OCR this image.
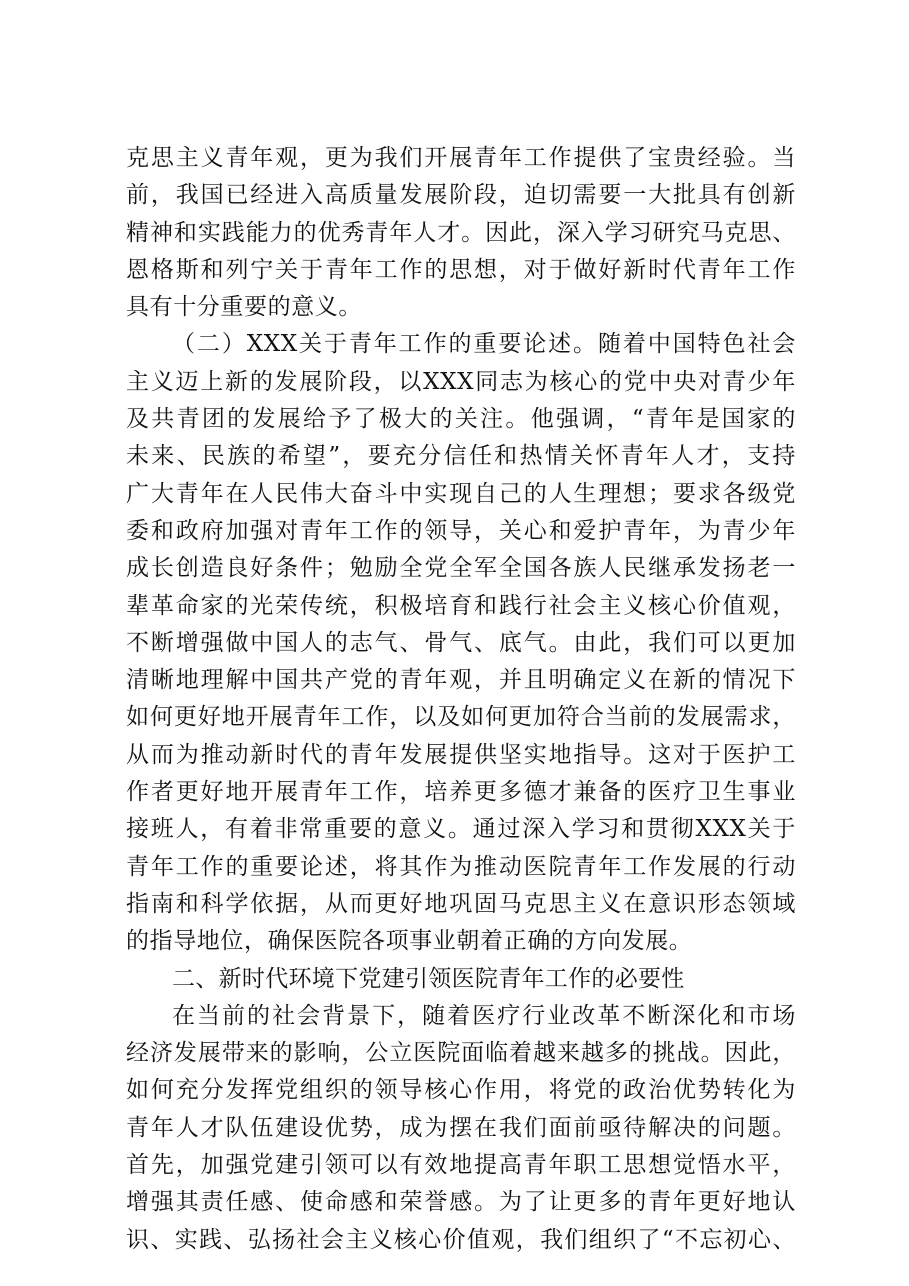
克思主义青年观，更为我们开展青年工作提供了宝贵经验。当
前，我国已经进入高质量发展阶段，迫切需要一大批具有创新
精神和实践能力的优秀青年人才。因此，深入学习研究马克思、
恩格斯和列宁关于青年工作的思想，对于做好新时代青年工作
具有十分重要的意义。
（二）XXX关于青年工作的重要论述。随着中国特色社会
主义迈上新的发展阶段，以XXX同志为核心的党中央对青少年
及共青团的发展给予了极大的关注。他强调，“青年是国家的
未来、民族的希望”，要充分信任和热情关怀青年人才，支持
广大青年在人民伟大奋斗中实现自己的人生理想；要求各级党
委和政府加强对青年工作的领导，关心和爱护青年，为青少年
成长创造良好条件；勉励全党全军全国各族人民继承发扬老一
辈革命家的光荣传统，积极培育和践行社会主义核心价值观，
不断增强做中国人的志气、骨气、底气。由此，我们可以更加
清晰地理解中国共产党的青年观，并且明确定义在新的情况下
如何更好地开展青年工作，以及如何更加符合当前的发展需求，
从而为推动新时代的青年发展提供坚实地指导。这对于医护工
作者更好地开展青年工作，培养更多德才兼备的医疗卫生事业
接班人，有着非常重要的意义。通过深入学习和贯彻XXX关于
青年工作的重要论述，将其作为推动医院青年工作发展的行动
指南和科学依据，从而更好地巩固马克思主义在意识形态领域
的指导地位，确保医院各项事业朝着正确的方向发展。
二、新时代环境下党建引领医院青年工作的必要性
在当前的社会背景下，随着医疗行业改革不断深化和市场
经济发展带来的影响，公立医院面临着越来越多的挑战。因此，
如何充分发挥党组织的领导核心作用，将党的政治优势转化为
青年人才队伍建设优势，成为摆在我们面前亟待解决的问题。
首先，加强党建引领可以有效地提高青年职工思想觉悟水平，
增强其责任感、使命感和荣誉感。为了让更多的青年更好地认
识、实践、弘扬社会主义核心价值观，我们组织了“不忘初心、
